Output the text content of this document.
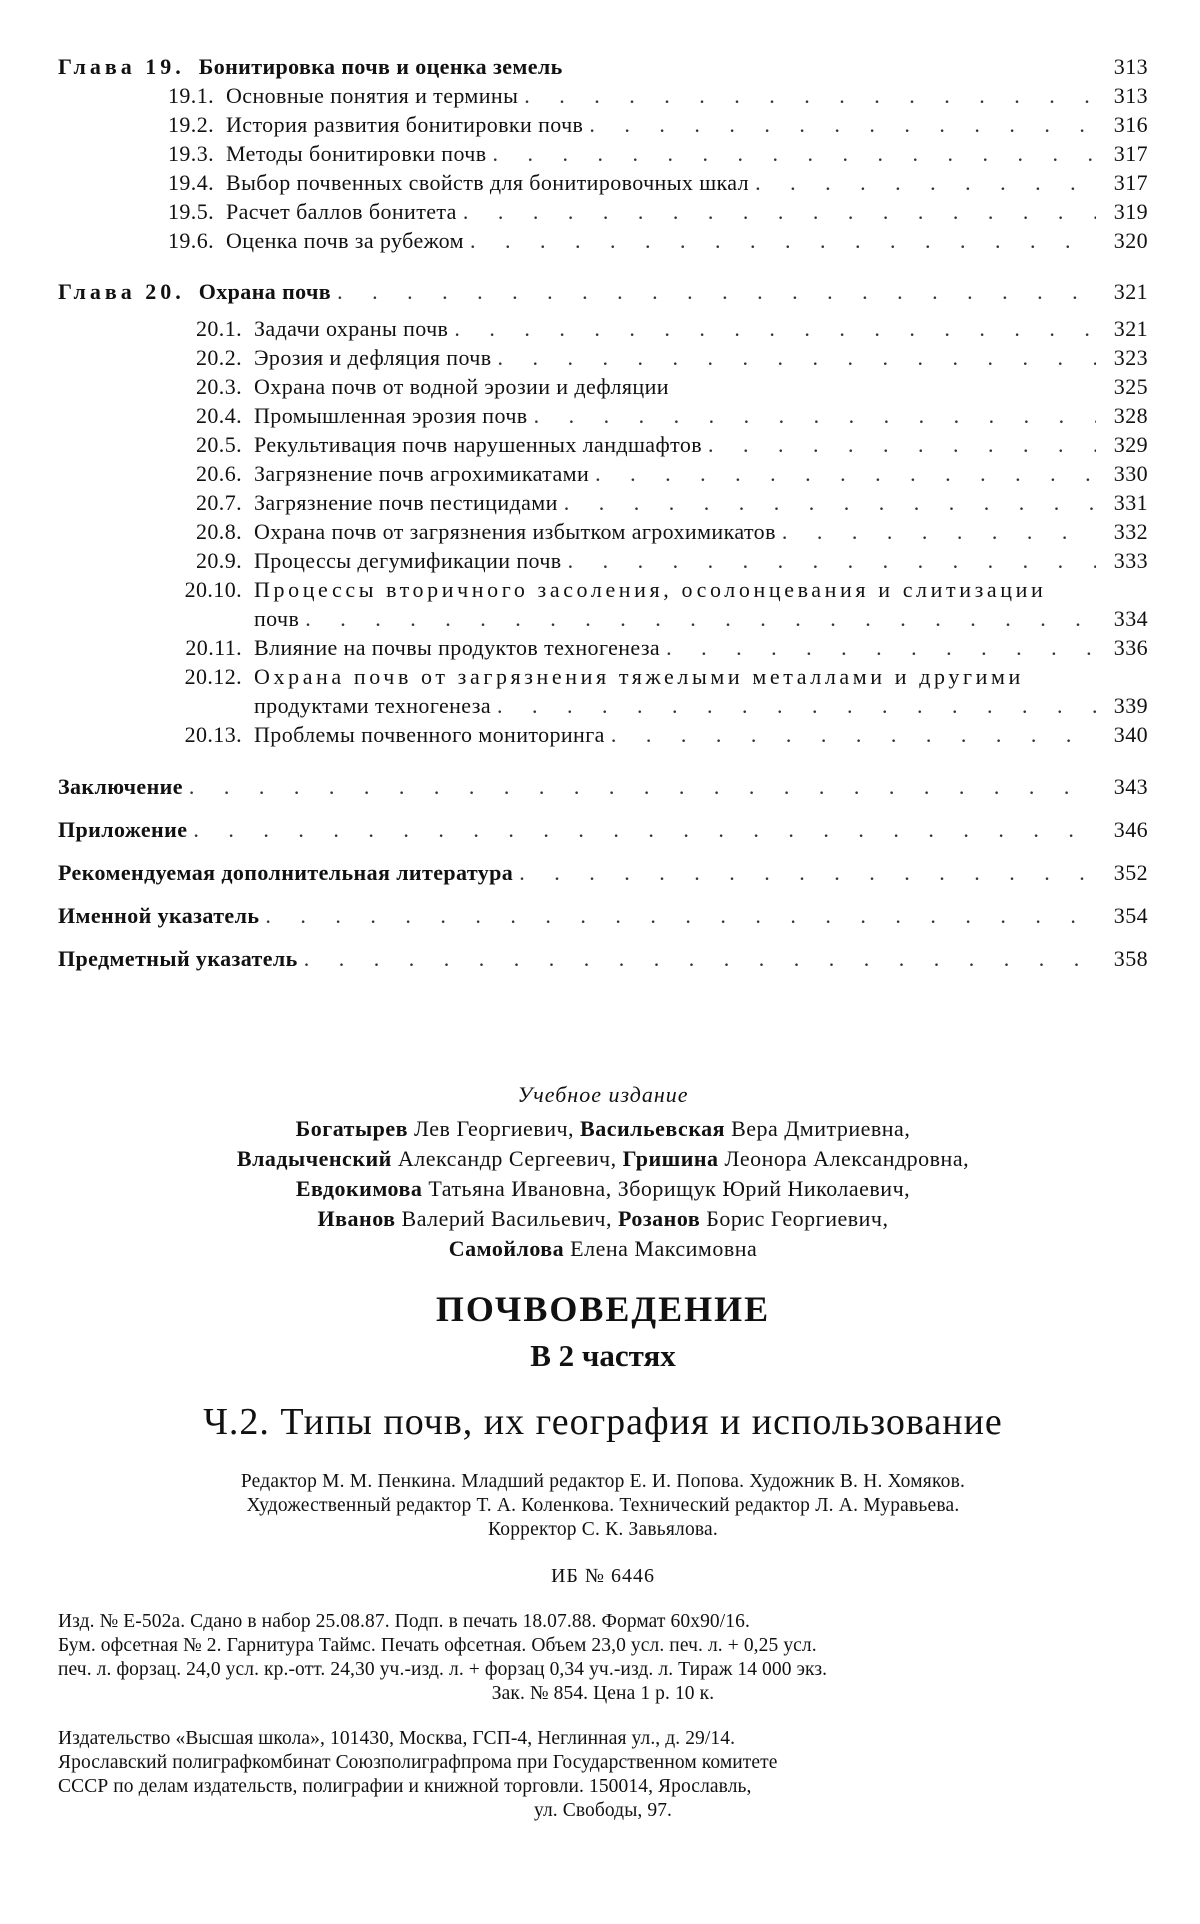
Глава 19. Бонитировка почв и оценка земель	313
19.1. Основные понятия и термины . . .	313
19.2. История развития бонитировки почв . . .	316
19.3. Методы бонитировки почв . . .	317
19.4. Выбор почвенных свойств для бонитировочных шкал . . .	317
19.5. Расчет баллов бонитета . . .	319
19.6. Оценка почв за рубежом . . .	320
Глава 20. Охрана почв . . .	321
20.1. Задачи охраны почв . . .	321
20.2. Эрозия и дефляция почв . . .	323
20.3. Охрана почв от водной эрозии и дефляции	325
20.4. Промышленная эрозия почв . . .	328
20.5. Рекультивация почв нарушенных ландшафтов . . .	329
20.6. Загрязнение почв агрохимикатами . . .	330
20.7. Загрязнение почв пестицидами . . .	331
20.8. Охрана почв от загрязнения избытком агрохимикатов . . .	332
20.9. Процессы дегумификации почв . . .	333
20.10. Процессы вторичного засоления, осолонцевания и слитизации
почв . . .	334
20.11. Влияние на почвы продуктов техногенеза . . .	336
20.12. Охрана почв от загрязнения тяжелыми металлами и другими
продуктами техногенеза . . .	339
20.13. Проблемы почвенного мониторинга . . .	340
Заключение . . .	343
Приложение . . .	346
Рекомендуемая дополнительная литература . . .	352
Именной указатель . . .	354
Предметный указатель . . .	358
Учебное издание
Богатырев Лев Георгиевич, Васильевская Вера Дмитриевна,
Владыченский Александр Сергеевич, Гришина Леонора Александровна,
Евдокимова Татьяна Ивановна, Зборищук Юрий Николаевич,
Иванов Валерий Васильевич, Розанов Борис Георгиевич,
Самойлова Елена Максимовна
ПОЧВОВЕДЕНИЕ
В 2 частях
Ч.2. Типы почв, их география и использование
Редактор М. М. Пенкина. Младший редактор Е. И. Попова. Художник В. Н. Хомяков.
Художественный редактор Т. А. Коленкова. Технический редактор Л. А. Муравьева.
Корректор С. К. Завьялова.
ИБ № 6446
Изд. № Е-502а. Сдано в набор 25.08.87. Подп. в печать 18.07.88. Формат 60х90/16.
Бум. офсетная № 2. Гарнитура Таймс. Печать офсетная. Объем 23,0 усл. печ. л. + 0,25 усл.
печ. л. форзац. 24,0 усл. кр.-отт. 24,30 уч.-изд. л. + форзац 0,34 уч.-изд. л. Тираж 14 000 экз.
Зак. № 854. Цена 1 р. 10 к.
Издательство «Высшая школа», 101430, Москва, ГСП-4, Неглинная ул., д. 29/14.
Ярославский полиграфкомбинат Союзполиграфпрома при Государственном комитете
СССР по делам издательств, полиграфии и книжной торговли. 150014, Ярославль,
ул. Свободы, 97.
